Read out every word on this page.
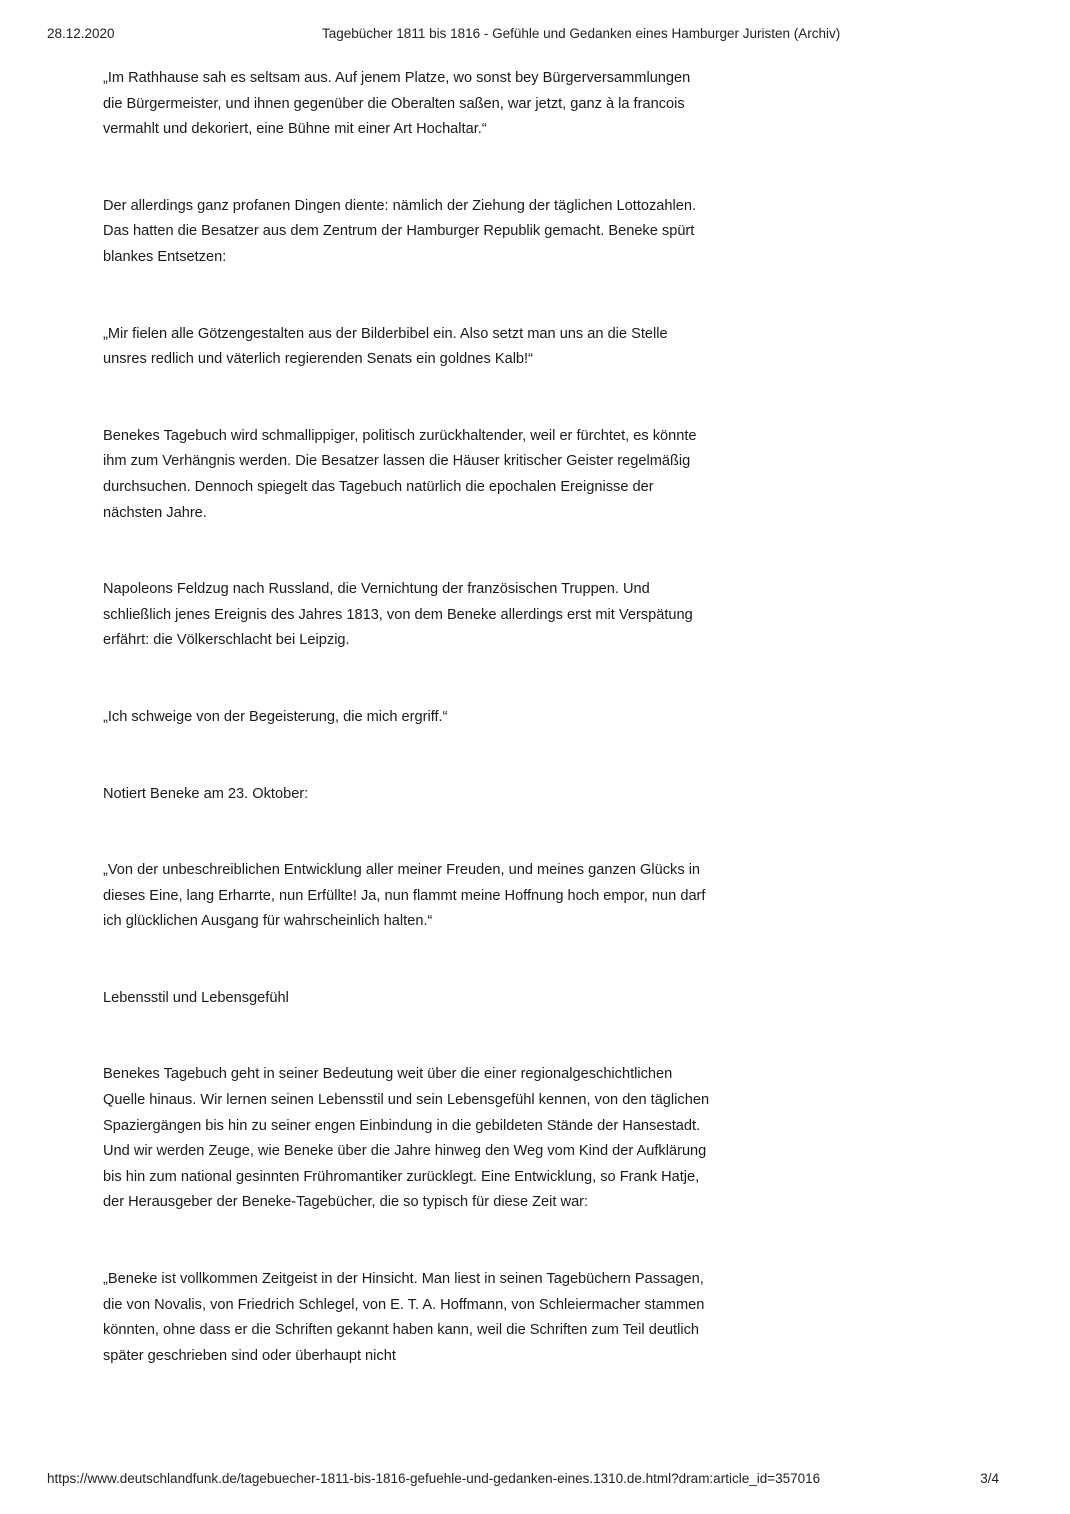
28.12.2020	Tagebücher 1811 bis 1816 - Gefühle und Gedanken eines Hamburger Juristen (Archiv)

„Im Rathhause sah es seltsam aus. Auf jenem Platze, wo sonst bey Bürgerversammlungen die Bürgermeister, und ihnen gegenüber die Oberalten saßen, war jetzt, ganz à la francois vermahlt und dekoriert, eine Bühne mit einer Art Hochaltar.“

Der allerdings ganz profanen Dingen diente: nämlich der Ziehung der täglichen Lottozahlen. Das hatten die Besatzer aus dem Zentrum der Hamburger Republik gemacht. Beneke spürt blankes Entsetzen:

„Mir fielen alle Götzengestalten aus der Bilderbibel ein. Also setzt man uns an die Stelle unsres redlich und väterlich regierenden Senats ein goldnes Kalb!“

Benekes Tagebuch wird schmallippiger, politisch zurückhaltender, weil er fürchtet, es könnte ihm zum Verhängnis werden. Die Besatzer lassen die Häuser kritischer Geister regelmäßig durchsuchen. Dennoch spiegelt das Tagebuch natürlich die epochalen Ereignisse der nächsten Jahre.

Napoleons Feldzug nach Russland, die Vernichtung der französischen Truppen. Und schließlich jenes Ereignis des Jahres 1813, von dem Beneke allerdings erst mit Verspätung erfährt: die Völkerschlacht bei Leipzig.

„Ich schweige von der Begeisterung, die mich ergriff.“

Notiert Beneke am 23. Oktober:

„Von der unbeschreiblichen Entwicklung aller meiner Freuden, und meines ganzen Glücks in dieses Eine, lang Erharrte, nun Erfüllte! Ja, nun flammt meine Hoffnung hoch empor, nun darf ich glücklichen Ausgang für wahrscheinlich halten.“

Lebensstil und Lebensgefühl

Benekes Tagebuch geht in seiner Bedeutung weit über die einer regionalgeschichtlichen Quelle hinaus. Wir lernen seinen Lebensstil und sein Lebensgefühl kennen, von den täglichen Spaziergängen bis hin zu seiner engen Einbindung in die gebildeten Stände der Hansestadt. Und wir werden Zeuge, wie Beneke über die Jahre hinweg den Weg vom Kind der Aufklärung bis hin zum national gesinnten Frühromantiker zurücklegt. Eine Entwicklung, so Frank Hatje, der Herausgeber der Beneke-Tagebücher, die so typisch für diese Zeit war:

„Beneke ist vollkommen Zeitgeist in der Hinsicht. Man liest in seinen Tagebüchern Passagen, die von Novalis, von Friedrich Schlegel, von E. T. A. Hoffmann, von Schleiermacher stammen könnten, ohne dass er die Schriften gekannt haben kann, weil die Schriften zum Teil deutlich später geschrieben sind oder überhaupt nicht

https://www.deutschlandfunk.de/tagebuecher-1811-bis-1816-gefuehle-und-gedanken-eines.1310.de.html?dram:article_id=357016	3/4
